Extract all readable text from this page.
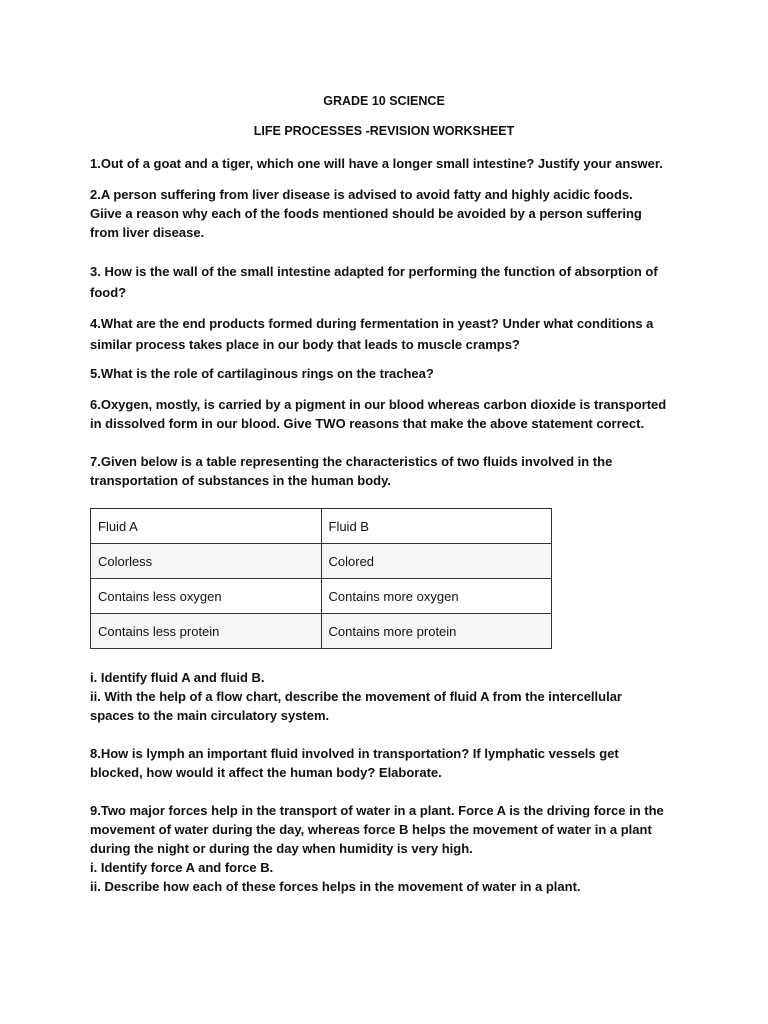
GRADE 10 SCIENCE
LIFE PROCESSES -REVISION WORKSHEET
1.Out of a goat and a tiger, which one will have a longer small intestine? Justify your answer.
2.A person suffering from liver disease is advised to avoid fatty and highly acidic foods.
Giive a reason why each of the foods mentioned should be avoided by a person suffering
from liver disease.
3. How is the wall of the small intestine adapted for performing the function of absorption of
food?
4.What are the end products formed during fermentation in yeast? Under what conditions a
similar process takes place in our body that leads to muscle cramps?
5.What is the role of cartilaginous rings on the trachea?
6.Oxygen, mostly, is carried by a pigment in our blood whereas carbon dioxide is transported
in dissolved form in our blood. Give TWO reasons that make the above statement correct.
7.Given below is a table representing the characteristics of two fluids involved in the
transportation of substances in the human body.
Fluid A	Fluid B
Colorless	Colored
Contains less oxygen	Contains more oxygen
Contains less protein	Contains more protein
i. Identify fluid A and fluid B.
ii. With the help of a flow chart, describe the movement of fluid A from the intercellular
spaces to the main circulatory system.
8.How is lymph an important fluid involved in transportation? If lymphatic vessels get
blocked, how would it affect the human body? Elaborate.
9.Two major forces help in the transport of water in a plant. Force A is the driving force in the
movement of water during the day, whereas force B helps the movement of water in a plant
during the night or during the day when humidity is very high.
i. Identify force A and force B.
ii. Describe how each of these forces helps in the movement of water in a plant.
